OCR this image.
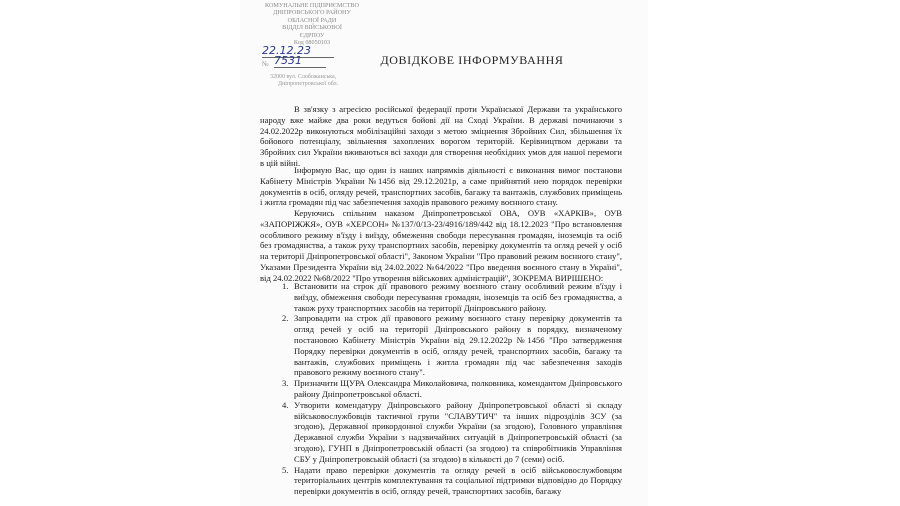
КОМУНАЛЬНЕ ПІДПРИЄМСТВО
ДНІПРОВСЬКОГО РАЙОНУ
ОБЛАСНОЇ РАДИ
ВІДДІЛ ВІЙСЬКОВОЇ
ЄДРПОУ
Код 08050103
22.12.23
№ 7531
32000 вул. Слобожанська,
Дніпропетровської обл.
ДОВІДКОВЕ ІНФОРМУВАННЯ
В зв'язку з агресією російської федерації проти Української Держави та українського народу вже майже два роки ведуться бойові дії на Сході України. В державі починаючи з 24.02.2022р виконуються мобілізаційні заходи з метою зміцнення Збройних Сил, збільшення їх бойового потенціалу, звільнення захоплених ворогом територій. Керівництвом держави та Збройних сил України вживаються всі заходи для створення необхідних умов для нашої перемоги в цій війні.
Інформую Вас, що один із наших напрямків діяльності є виконання вимог постанови Кабінету Міністрів України №1456 від 29.12.2021р, а саме прийнятий нею порядок перевірки документів в осіб, огляду речей, транспортних засобів, багажу та вантажів, службових приміщень і житла громадян під час забезпечення заходів правового режиму воєнного стану.
Керуючись спільним наказом Дніпропетровської ОВА, ОУВ «ХАРКІВ», ОУВ «ЗАПОРІЖЖЯ», ОУВ «ХЕРСОН» №137/0/13-23/4916/189/442 від 18.12.2023 "Про встановлення особливого режиму в'їзду і виїзду, обмеження свободи пересування громадян, іноземців та осіб без громадянства, а також руху транспортних засобів, перевірку документів та огляд речей у осіб на території Дніпропетровської області", Законом України "Про правовий режим воєнного стану", Указами Президента України від 24.02.2022 №64/2022 "Про введення воєнного стану в Україні", від 24.02.2022 №68/2022 "Про утворення військових адміністрацій", ЗОКРЕМА ВИРІШЕНО:
1. Встановити на строк дії правового режиму воєнного стану особливий режим в'їзду і виїзду, обмеження свободи пересування громадян, іноземців та осіб без громадянства, а також руху транспортних засобів на території Дніпровського району.
2. Запровадити на строк дії правового режиму воєнного стану перевірку документів та огляд речей у осіб на території Дніпровського району в порядку, визначеному постановою Кабінету Міністрів України від 29.12.2022р №1456 "Про затвердження Порядку перевірки документів в осіб, огляду речей, транспортних засобів, багажу та вантажів, службових приміщень і житла громадян під час забезпечення заходів правового режиму воєнного стану".
3. Призначити ЩУРА Олександра Миколайовича, полковника, комендантом Дніпровського району Дніпропетровської області.
4. Утворити комендатуру Дніпровського району Дніпропетровської області зі складу військовослужбовців тактичної групи "СЛАВУТИЧ" та інших підрозділів ЗСУ (за згодою), Державної прикордонної служби України (за згодою), Головного управління Державної служби України з надзвичайних ситуацій в Дніпропетровській області (за згодою), ГУНП в Дніпропетровській області (за згодою) та співробітників Управління СБУ у Дніпропетровській області (за згодою) в кількості до 7 (семи) осіб.
5. Надати право перевірки документів та огляду речей в осіб військовослужбовцям територіальних центрів комплектування та соціальної підтримки відповідно до Порядку перевірки документів в осіб, огляду речей, транспортних засобів, багажу
